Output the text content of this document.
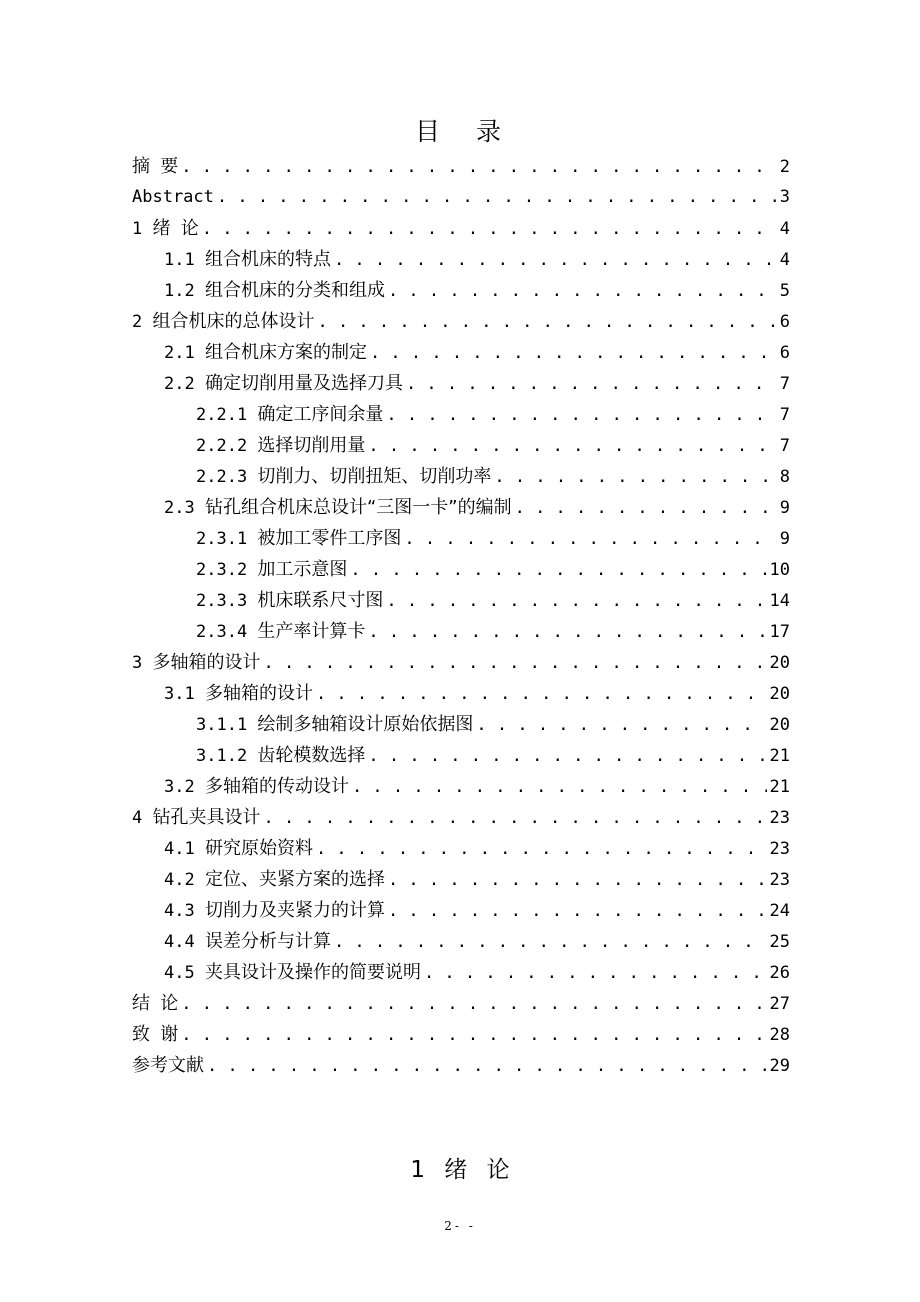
目 录
摘 要 . . .	2
Abstract . . .	3
1 绪 论 . . .	4
1.1 组合机床的特点 . . .	4
1.2 组合机床的分类和组成 . . .	5
2 组合机床的总体设计 . . .	6
2.1 组合机床方案的制定 . . .	6
2.2 确定切削用量及选择刀具 . . .	7
2.2.1 确定工序间余量 . . .	7
2.2.2 选择切削用量 . . .	7
2.2.3 切削力、切削扭矩、切削功率 . . .	8
2.3 钻孔组合机床总设计“三图一卡”的编制 . . .	9
2.3.1 被加工零件工序图 . . .	9
2.3.2 加工示意图 . . .	10
2.3.3 机床联系尺寸图 . . .	14
2.3.4 生产率计算卡 . . .	17
3 多轴箱的设计 . . .	20
3.1 多轴箱的设计 . . .	20
3.1.1 绘制多轴箱设计原始依据图 . . .	20
3.1.2 齿轮模数选择 . . .	21
3.2 多轴箱的传动设计 . . .	21
4 钻孔夹具设计 . . .	23
4.1 研究原始资料 . . .	23
4.2 定位、夹紧方案的选择 . . .	23
4.3 切削力及夹紧力的计算 . . .	24
4.4 误差分析与计算 . . .	25
4.5 夹具设计及操作的简要说明 . . .	26
结 论 . . .	27
致 谢 . . .	28
参考文献 . . .	29
1 绪 论
2- -
